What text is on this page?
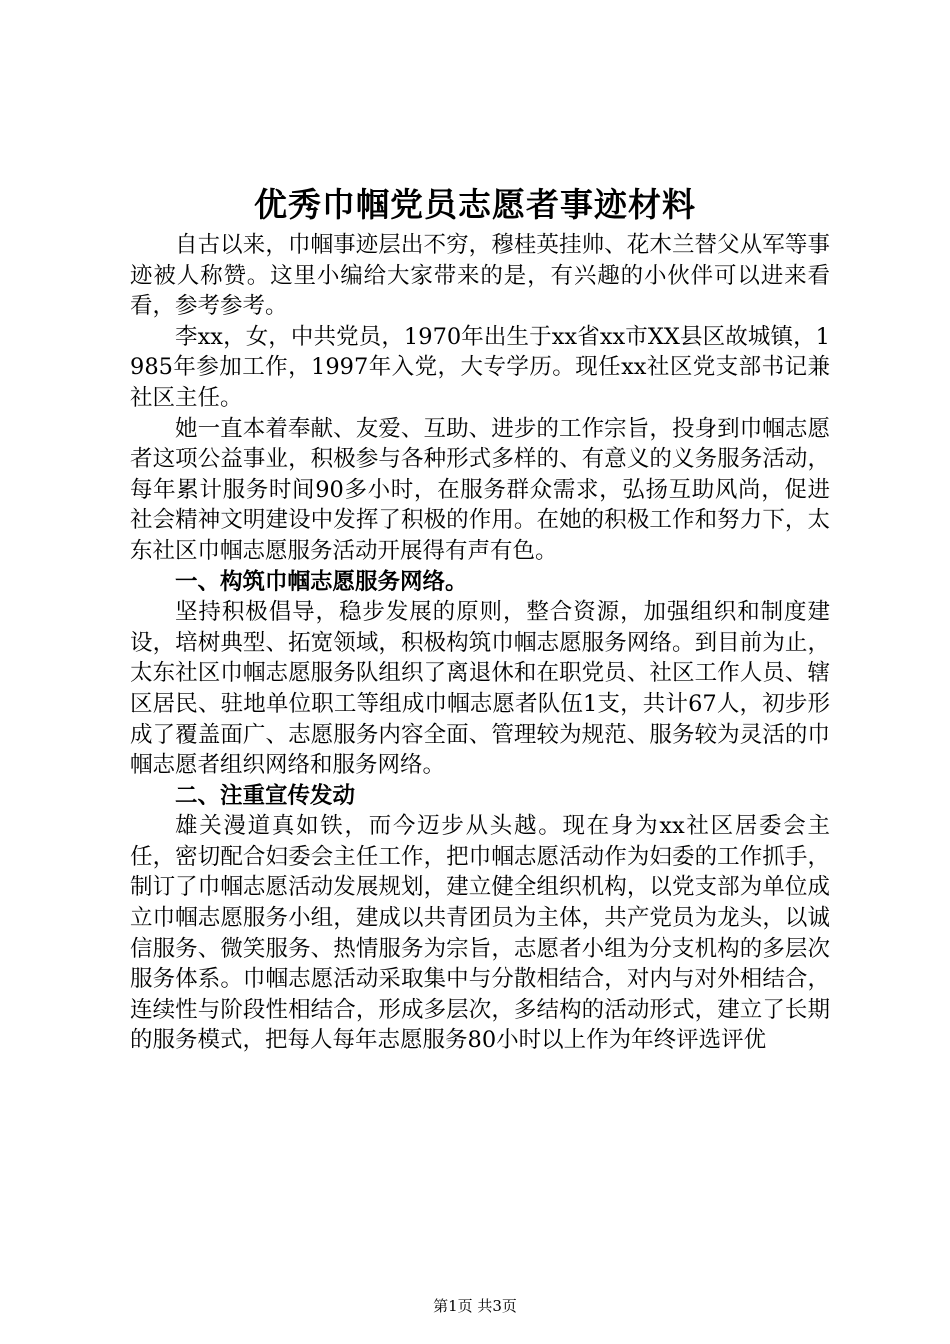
优秀巾帼党员志愿者事迹材料

自古以来，巾帼事迹层出不穷，穆桂英挂帅、花木兰替父从军等事迹被人称赞。这里小编给大家带来的是，有兴趣的小伙伴可以进来看看，参考参考。

李xx，女，中共党员，1970年出生于xx省xx市XX县区故城镇，1985年参加工作，1997年入党，大专学历。现任xx社区党支部书记兼社区主任。

她一直本着奉献、友爱、互助、进步的工作宗旨，投身到巾帼志愿者这项公益事业，积极参与各种形式多样的、有意义的义务服务活动，每年累计服务时间90多小时，在服务群众需求，弘扬互助风尚，促进社会精神文明建设中发挥了积极的作用。在她的积极工作和努力下，太东社区巾帼志愿服务活动开展得有声有色。

一、构筑巾帼志愿服务网络。

坚持积极倡导，稳步发展的原则，整合资源，加强组织和制度建设，培树典型、拓宽领域，积极构筑巾帼志愿服务网络。到目前为止，太东社区巾帼志愿服务队组织了离退休和在职党员、社区工作人员、辖区居民、驻地单位职工等组成巾帼志愿者队伍1支，共计67人，初步形成了覆盖面广、志愿服务内容全面、管理较为规范、服务较为灵活的巾帼志愿者组织网络和服务网络。

二、注重宣传发动

雄关漫道真如铁，而今迈步从头越。现在身为xx社区居委会主任，密切配合妇委会主任工作，把巾帼志愿活动作为妇委的工作抓手，制订了巾帼志愿活动发展规划，建立健全组织机构，以党支部为单位成立巾帼志愿服务小组，建成以共青团员为主体，共产党员为龙头，以诚信服务、微笑服务、热情服务为宗旨，志愿者小组为分支机构的多层次服务体系。巾帼志愿活动采取集中与分散相结合，对内与对外相结合，连续性与阶段性相结合，形成多层次，多结构的活动形式，建立了长期的服务模式，把每人每年志愿服务80小时以上作为年终评选评优

第1页 共3页
